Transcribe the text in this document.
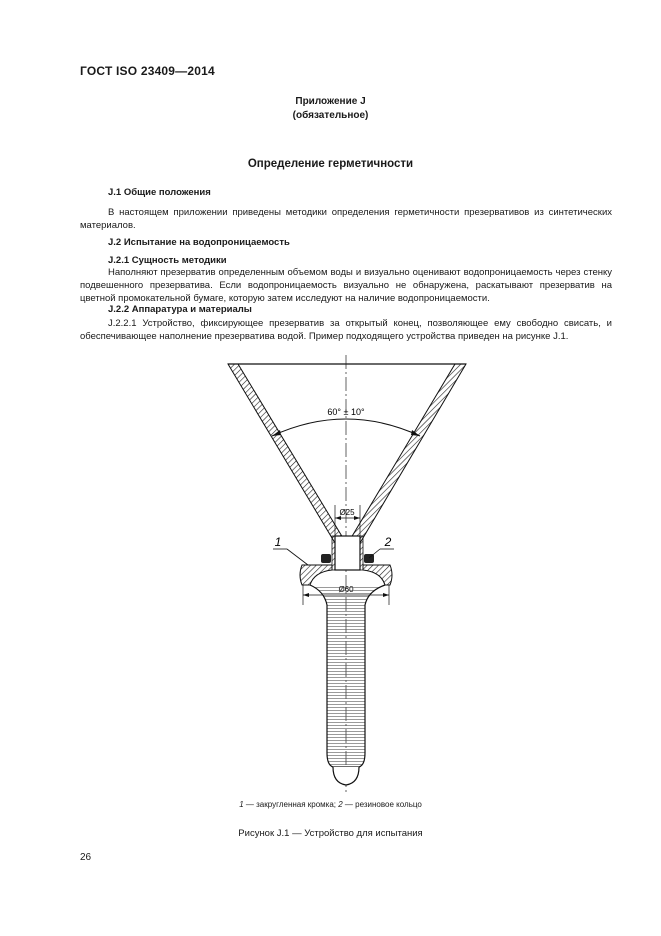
ГОСТ ISO 23409—2014
Приложение J
(обязательное)
Определение герметичности
J.1 Общие положения
В настоящем приложении приведены методики определения герметичности презервативов из синтетических материалов.
J.2 Испытание на водопроницаемость
J.2.1 Сущность методики
Наполняют презерватив определенным объемом воды и визуально оценивают водопроницаемость через стенку подвешенного презерватива. Если водопроницаемость визуально не обнаружена, раскатывают презерватив на цветной промокательной бумаге, которую затем исследуют на наличие водопроницаемости.
J.2.2 Аппаратура и материалы
J.2.2.1 Устройство, фиксирующее презерватив за открытый конец, позволяющее ему свободно свисать, и обеспечивающее наполнение презерватива водой. Пример подходящего устройства приведен на рисунке J.1.
60° ± 10°
Ø25
1	2
1 — закругленная кромка; 2 — резиновое кольцо
Рисунок J.1 — Устройство для испытания
26
